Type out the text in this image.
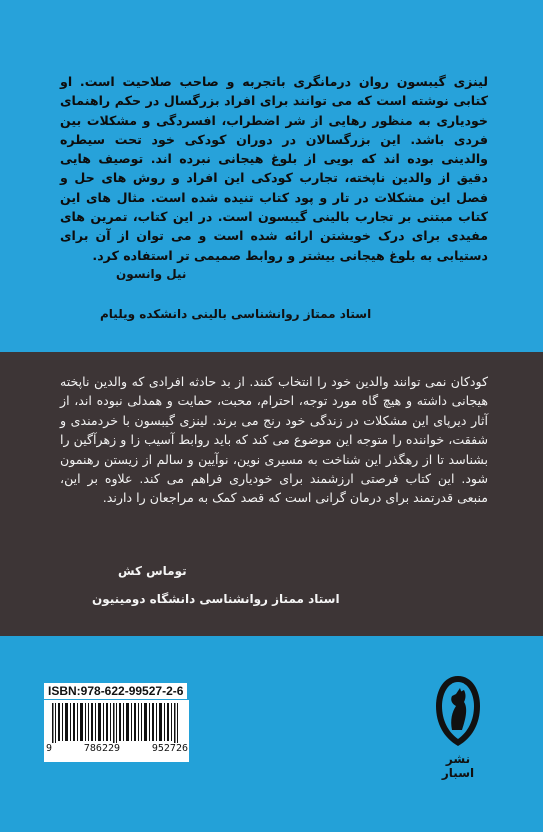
لینزی گیبسون روان درمانگری باتجربه و صاحب صلاحیت است. او کتابی نوشته است که می توانند برای افراد بزرگسال در حکم راهنمای خودیاری به منظور رهایی از شر اضطراب، افسردگی و مشکلات بین فردی باشد. این بزرگسالان در دوران کودکی خود تحت سیطره والدینی بوده اند که بویی از بلوغ هیجانی نبرده اند. توصیف هایی دقیق از والدین ناپخته، تجارب کودکی این افراد و روش های حل و فصل این مشکلات در تار و پود کتاب تنیده شده است. مثال های این کتاب مبتنی بر تجارب بالینی گیبسون است. در این کتاب، تمرین های مفیدی برای درک خویشتن ارائه شده است و می توان از آن برای دستیابی به بلوغ هیجانی بیشتر و روابط صمیمی تر استفاده کرد.
نیل وانسون
استاد ممتاز روانشناسی بالینی دانشکده ویلیام
کودکان نمی توانند والدین خود را انتخاب کنند. از بد حادثه افرادی که والدین ناپخته هیجانی داشته و هیچ گاه مورد توجه، احترام، محبت، حمایت و همدلی نبوده اند، از آثار دیرپای این مشکلات در زندگی خود رنج می برند. لینزی گیبسون با خردمندی و شفقت، خواننده را متوجه این موضوع می کند که باید روابط آسیب زا و زهرآگین را بشناسد تا از رهگذر این شناخت به مسیری نوین، نوآیین و سالم از زیستن رهنمون شود. این کتاب فرصتی ارزشمند برای خودیاری فراهم می کند. علاوه بر این، منبعی قدرتمند برای درمان گرانی است که قصد کمک به مراجعان را دارند.
توماس کش
استاد ممتاز روانشناسی دانشگاه دومینیون
ISBN:978-622-99527-2-6
9	786229	952726
نشر اسبار
